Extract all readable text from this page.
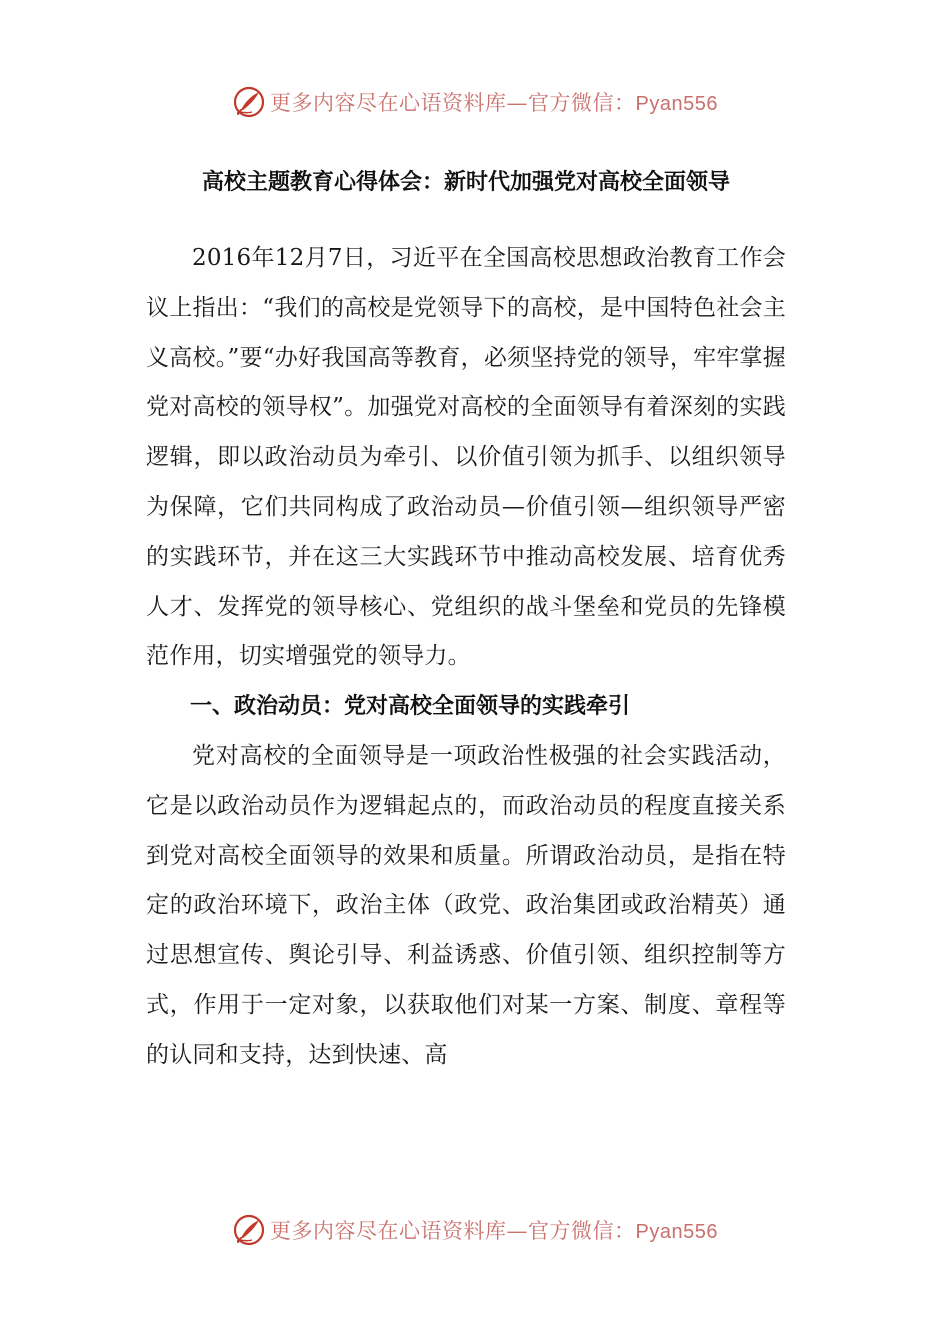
更多内容尽在心语资料库—官方微信：Pyan556
高校主题教育心得体会：新时代加强党对高校全面领导

2016年12月7日，习近平在全国高校思想政治教育工作会议上指出：“我们的高校是党领导下的高校，是中国特色社会主义高校。”要“办好我国高等教育，必须坚持党的领导，牢牢掌握党对高校的领导权”。加强党对高校的全面领导有着深刻的实践逻辑，即以政治动员为牵引、以价值引领为抓手、以组织领导为保障，它们共同构成了政治动员—价值引领—组织领导严密的实践环节，并在这三大实践环节中推动高校发展、培育优秀人才、发挥党的领导核心、党组织的战斗堡垒和党员的先锋模范作用，切实增强党的领导力。

一、政治动员：党对高校全面领导的实践牵引

党对高校的全面领导是一项政治性极强的社会实践活动，它是以政治动员作为逻辑起点的，而政治动员的程度直接关系到党对高校全面领导的效果和质量。所谓政治动员，是指在特定的政治环境下，政治主体（政党、政治集团或政治精英）通过思想宣传、舆论引导、利益诱惑、价值引领、组织控制等方式，作用于一定对象，以获取他们对某一方案、制度、章程等的认同和支持，达到快速、高

更多内容尽在心语资料库—官方微信：Pyan556
